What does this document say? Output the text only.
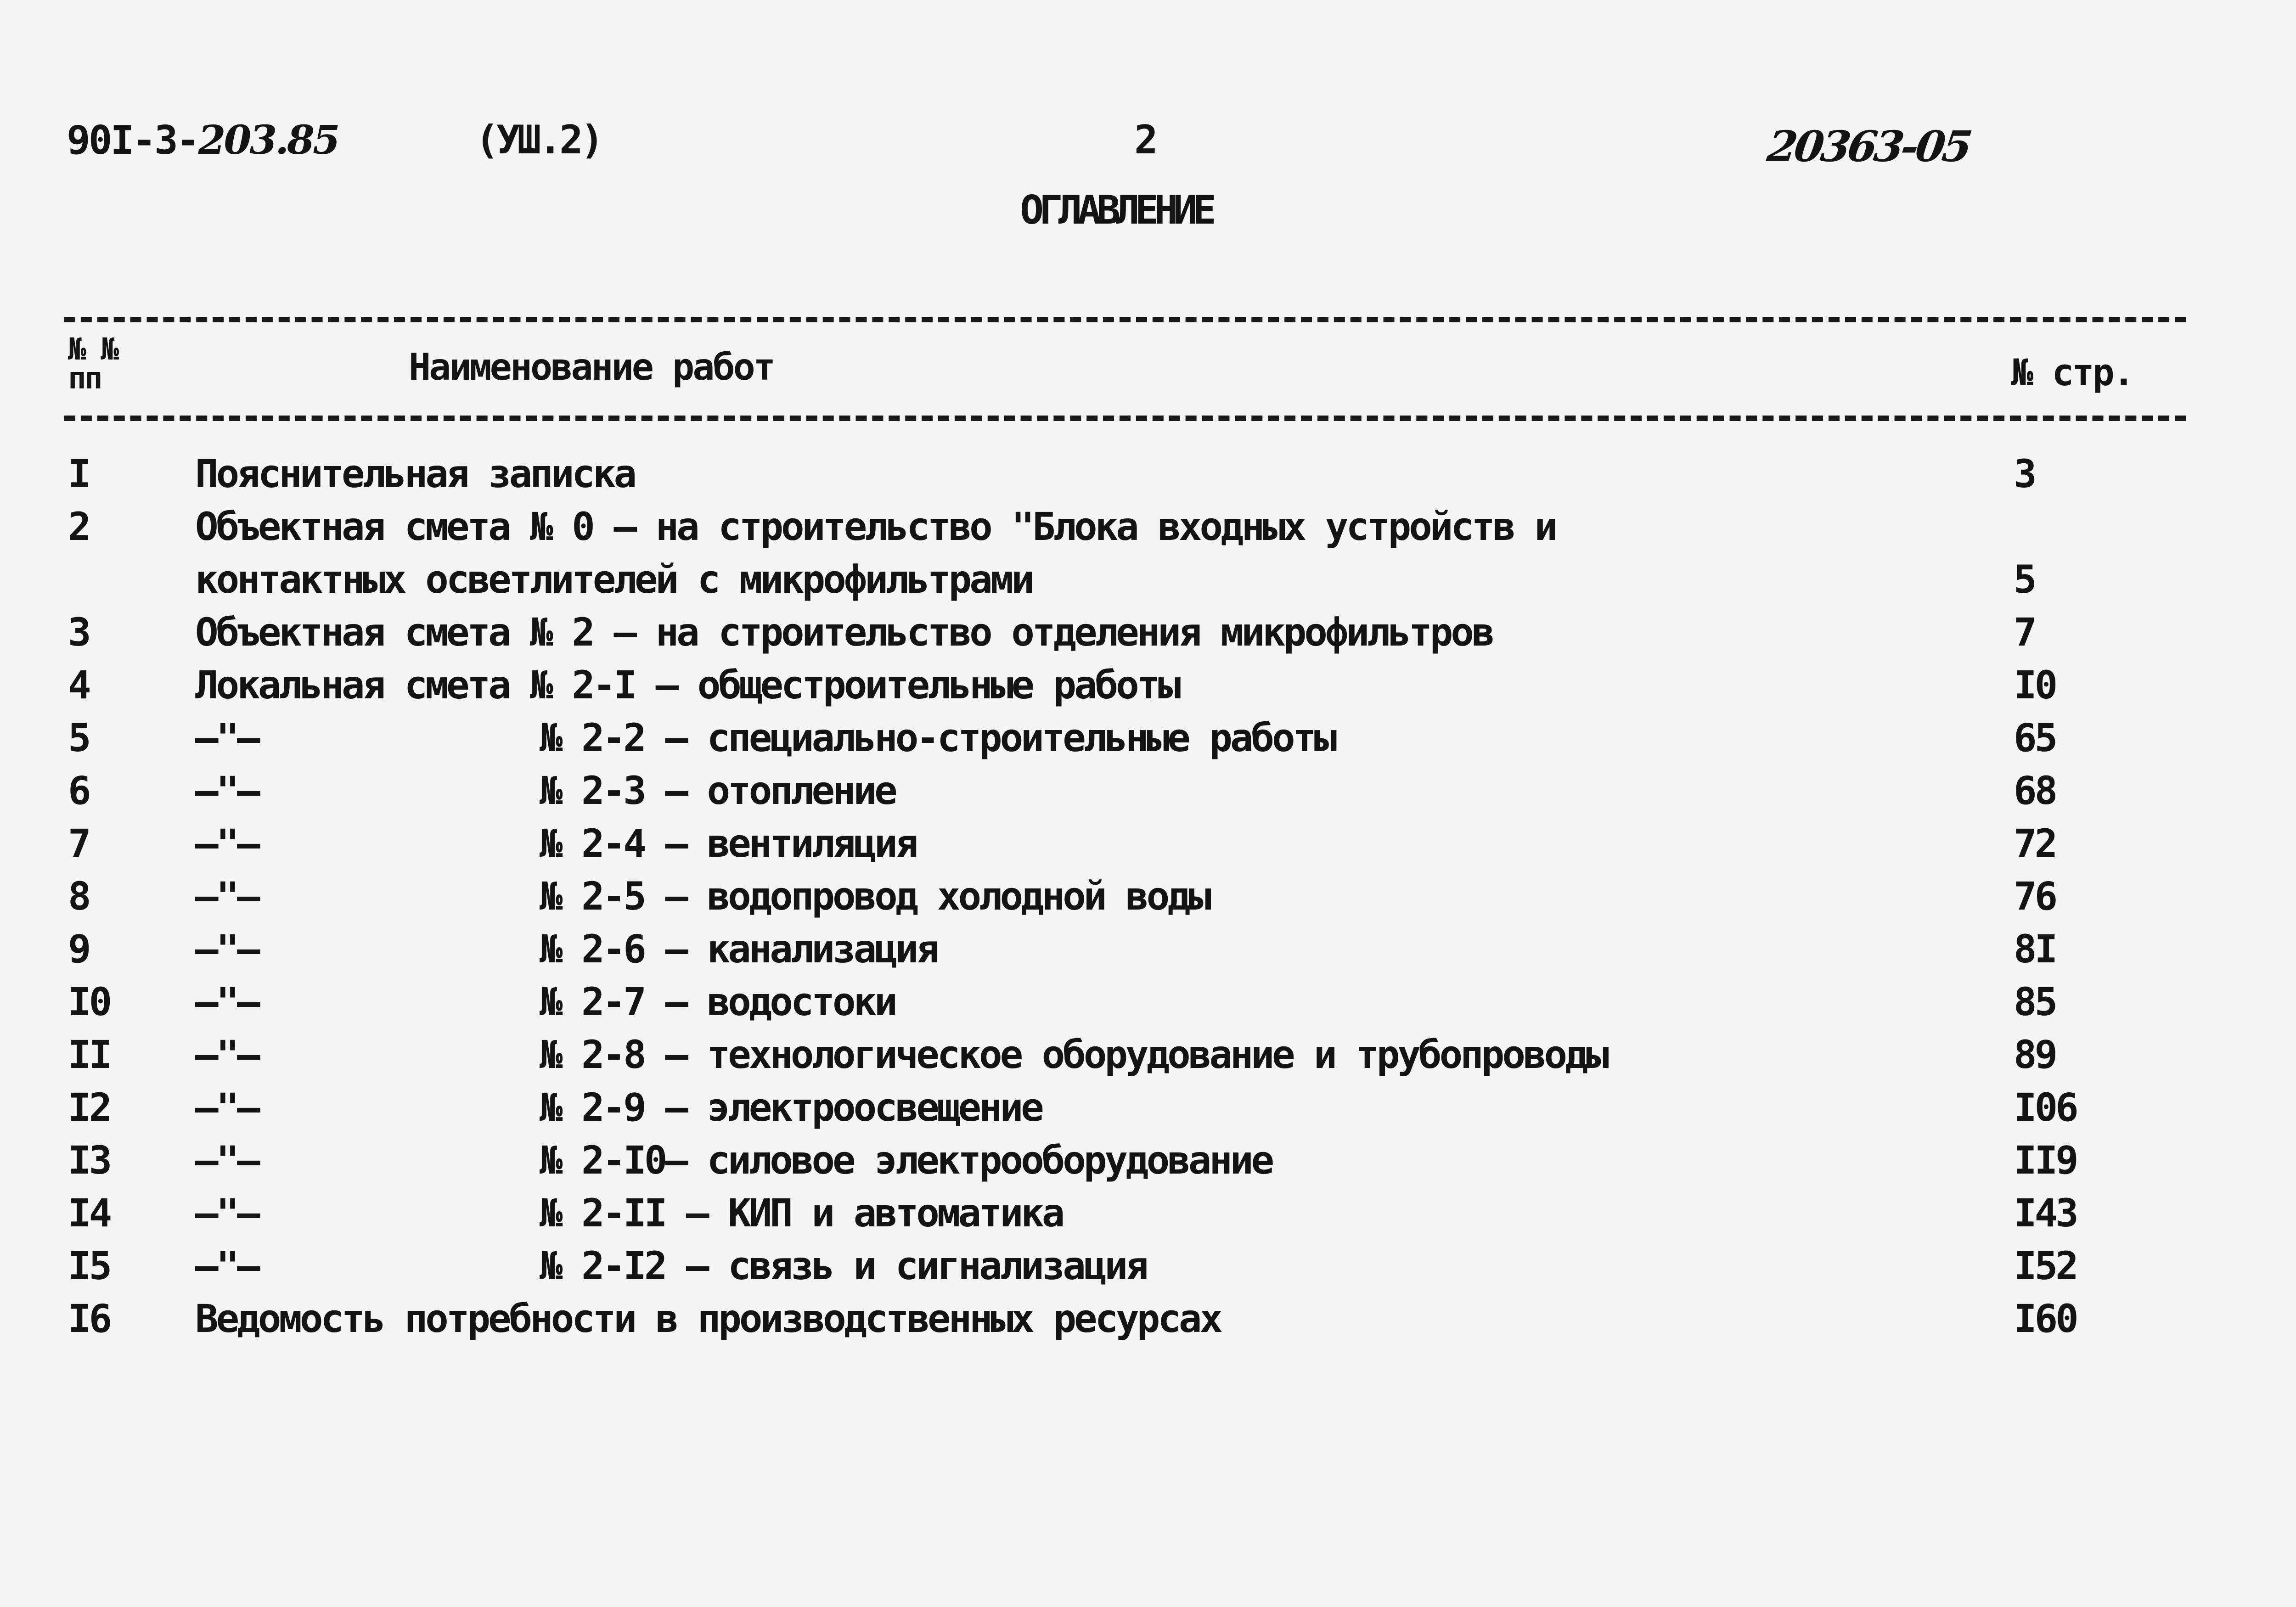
90I-3-203.85	(УШ.2)	2	20363-05
ОГЛАВЛЕНИЕ
№ №
пп	Наименование работ	№ стр.
I	Пояснительная записка	3
2	Объектная смета № 0 – на строительство "Блока входных устройств и
контактных осветлителей с микрофильтрами	5
3	Объектная смета № 2 – на строительство отделения микрофильтров	7
4	Локальная смета № 2-I – общестроительные работы	I0
5	–"–	№ 2-2 – специально-строительные работы	65
6	–"–	№ 2-3 – отопление	68
7	–"–	№ 2-4 – вентиляция	72
8	–"–	№ 2-5 – водопровод холодной воды	76
9	–"–	№ 2-6 – канализация	8I
I0 –"–	№ 2-7 – водостоки	85
II –"–	№ 2-8 – технологическое оборудование и трубопроводы	89
I2 –"–	№ 2-9 – электроосвещение	I06
I3 –"–	№ 2-I0– силовое электрооборудование	II9
I4 –"–	№ 2-II – КИП и автоматика	I43
I5 –"–	№ 2-I2 – связь и сигнализация	I52
I6 Ведомость потребности в производственных ресурсах	I60
